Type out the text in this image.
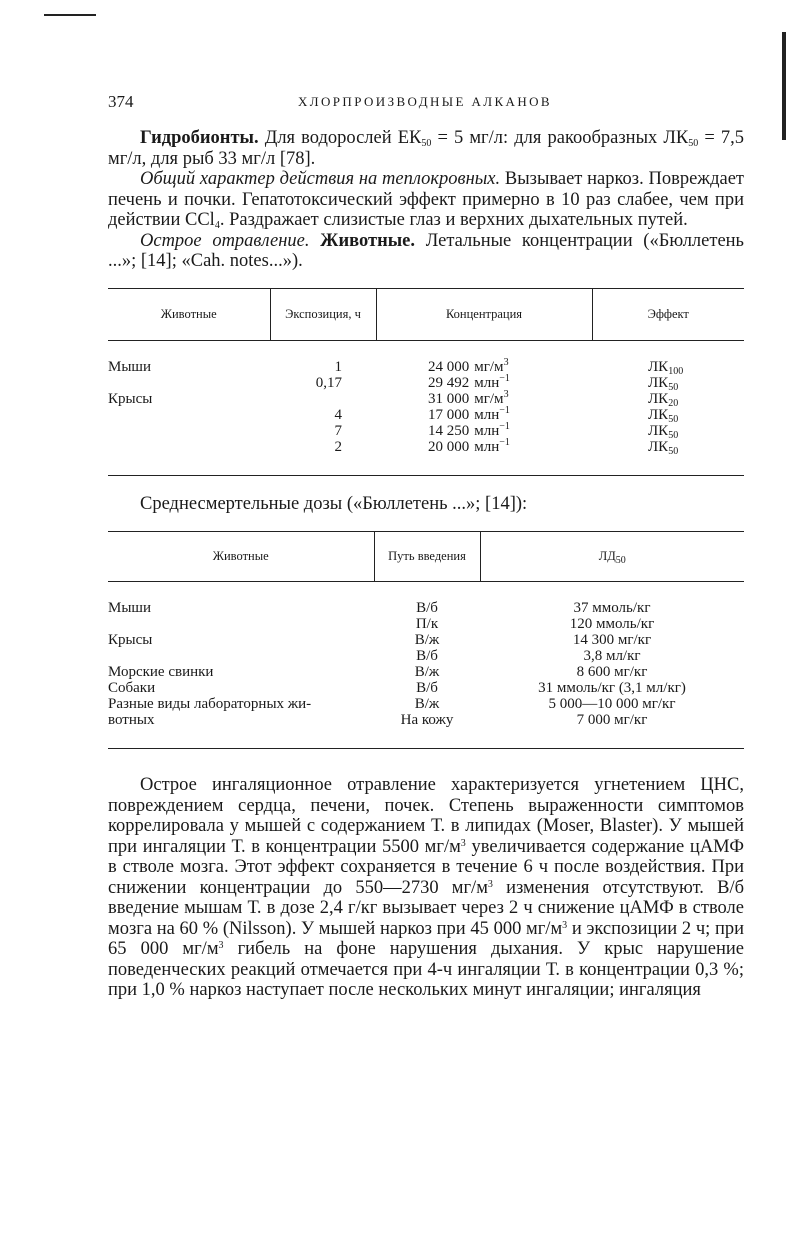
374	ХЛОРПРОИЗВОДНЫЕ АЛКАНОВ

Гидробионты. Для водорослей $ЕК_{50} = 5$ мг/л: для ракообразных $ЛК_{50} = 7,5$ мг/л, для рыб 33 мг/л [78].

Общий характер действия на теплокровных. Вызывает наркоз. Повреждает печень и почки. Гепатотоксический эффект примерно в 10 раз слабее, чем при действии CCl$_4$. Раздражает слизистые глаз и верхних дыхательных путей.

Острое отравление. Животные. Летальные концентрации («Бюллетень ...»; [14]; «Cah. notes...»).

Животные	Экспозиция, ч	Концентрация	Эффект

Мыши	1	24 000 $мг/м^3$	$ЛК_{100}$
	0,17	29 492 млн$^{-1}$	$ЛК_{50}$
Крысы		31 000 $мг/м^3$	$ЛК_{20}$
	4	17 000 млн$^{-1}$	$ЛК_{50}$
	7	14 250 млн$^{-1}$	$ЛК_{50}$
	2	20 000 млн$^{-1}$	$ЛК_{50}$

Среднесмертельные дозы («Бюллетень ...»; [14]):

Животные	Путь введения	$ЛД_{50}$

Мыши	В/б	37 ммоль/кг
	П/к	120 ммоль/кг
Крысы	В/ж	14 300 мг/кг
	В/б	3,8 мл/кг
Морские свинки	В/ж	8 600 мг/кг
Собаки	В/б	31 ммоль/кг (3,1 мл/кг)
Разные виды лабораторных жи-	В/ж	5 000—10 000 мг/кг
вотных	На кожу	7 000 мг/кг

Острое ингаляционное отравление характеризуется угнетением ЦНС, повреждением сердца, печени, почек. Степень выраженности симптомов коррелировала у мышей с содержанием Т. в липидах (Moser, Blaster). У мышей при ингаляции Т. в концентрации 5500 $мг/м^3$ увеличивается содержание цАМФ в стволе мозга. Этот эффект сохраняется в течение 6 ч после воздействия. При снижении концентрации до 550—2730 $мг/м^3$ изменения отсутствуют. В/б введение мышам Т. в дозе 2,4 г/кг вызывает через 2 ч снижение цАМФ в стволе мозга на 60 % (Nilsson). У мышей наркоз при 45 000 $мг/м^3$ и экспозиции 2 ч; при 65 000 $мг/м^3$ гибель на фоне нарушения дыхания. У крыс нарушение поведенческих реакций отмечается при 4-ч ингаляции Т. в концентрации 0,3 %; при 1,0 % наркоз наступает после нескольких минут ингаляции; ингаляция
